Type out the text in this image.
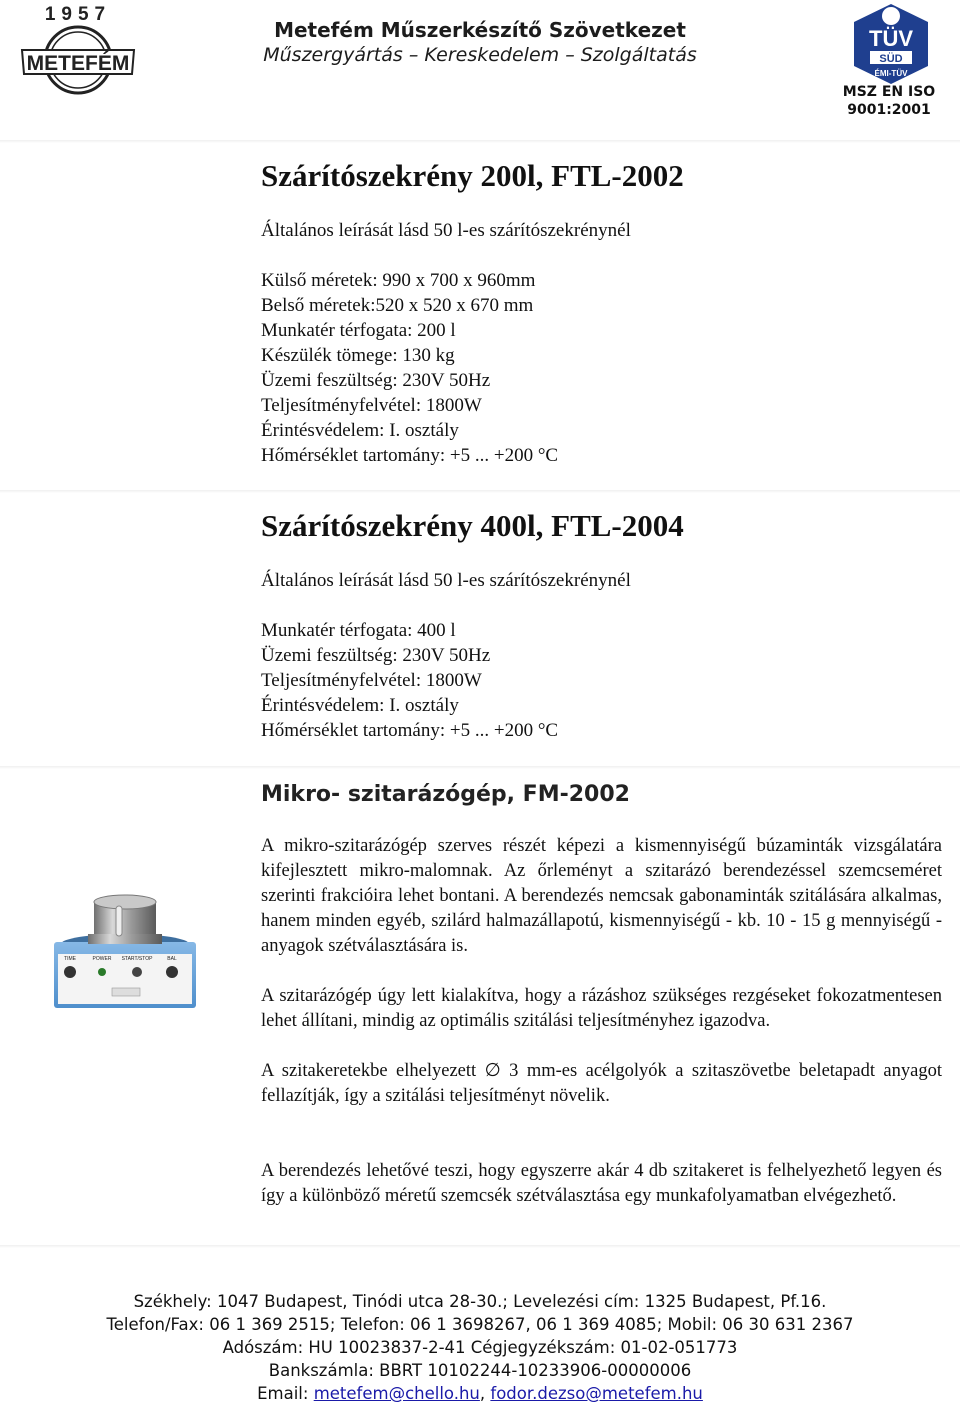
1957
METEFÉM
Metefém Műszerkészítő Szövetkezet
Műszergyártás – Kereskedelem – Szolgáltatás
TÜV
SÜD
ÉMI-TÜV
MSZ EN ISO
9001:2001
Szárítószekrény 200l, FTL-2002
Általános leírását lásd 50 l-es szárítószekrénynél
Külső méretek: 990 x 700 x 960mm
Belső méretek:520 x 520 x 670 mm
Munkatér térfogata: 200 l
Készülék tömege: 130 kg
Üzemi feszültség: 230V 50Hz
Teljesítményfelvétel: 1800W
Érintésvédelem: I. osztály
Hőmérséklet tartomány: +5 ... +200 °C
Szárítószekrény 400l, FTL-2004
Általános leírását lásd 50 l-es szárítószekrénynél
Munkatér térfogata: 400 l
Üzemi feszültség: 230V 50Hz
Teljesítményfelvétel: 1800W
Érintésvédelem: I. osztály
Hőmérséklet tartomány: +5 ... +200 °C
Mikro- szitarázógép, FM-2002
TIME	POWER START/STOP	BAL

A mikro-szitarázógép szerves részét képezi a kismennyiségű búzaminták vizsgálatára kifejlesztett mikro-malomnak. Az őrleményt a szitarázó berendezéssel szemcseméret szerinti frakcióira lehet bontani. A berendezés nemcsak gabonaminták szitálására alkalmas, hanem minden egyéb, szilárd halmazállapotú, kismennyiségű - kb. 10 - 15 g mennyiségű - anyagok szétválasztására is.

A szitarázógép úgy lett kialakítva, hogy a rázáshoz szükséges rezgéseket fokozatmentesen lehet állítani, mindig az optimális szitálási teljesítményhez igazodva.

A szitakeretekbe elhelyezett ∅ 3 mm-es acélgolyók a szitaszövetbe beletapadt anyagot fellazítják, így a szitálási teljesítményt növelik.

A berendezés lehetővé teszi, hogy egyszerre akár 4 db szitakeret is felhelyezhető legyen és így a különböző méretű szemcsék szétválasztása egy munkafolyamatban elvégezhető.

Székhely: 1047 Budapest, Tinódi utca 28-30.; Levelezési cím: 1325 Budapest, Pf.16.
Telefon/Fax: 06 1 369 2515; Telefon: 06 1 3698267, 06 1 369 4085; Mobil: 06 30 631 2367
Adószám: HU 10023837-2-41 Cégjegyzékszám: 01-02-051773
Bankszámla: BBRT 10102244-10233906-00000006
Email: metefem@chello.hu, fodor.dezso@metefem.hu
